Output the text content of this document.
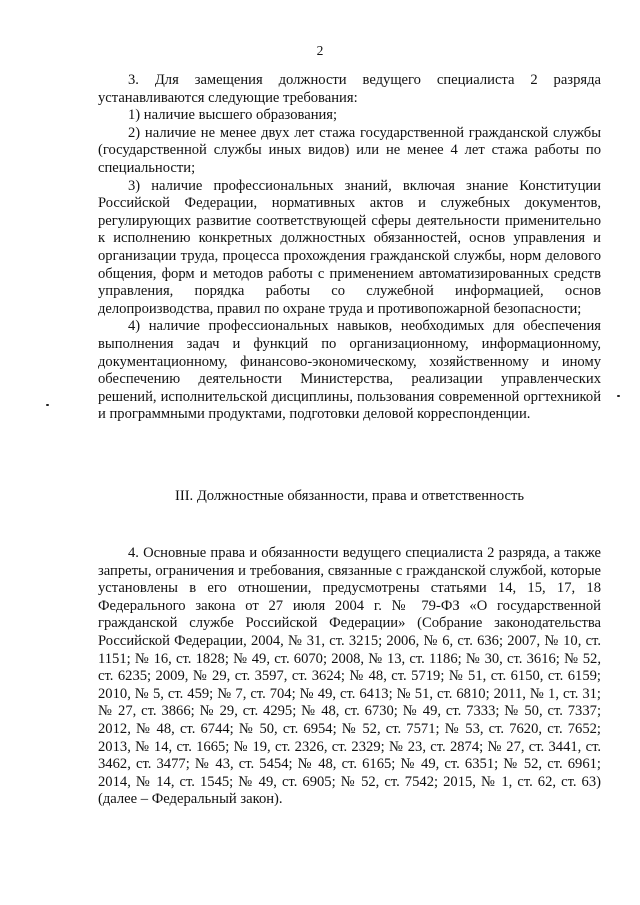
2

3. Для замещения должности ведущего специалиста 2 разряда устанавливаются следующие требования:

1) наличие высшего образования;

2) наличие не менее двух лет стажа государственной гражданской службы (государственной службы иных видов) или не менее 4 лет стажа работы по специальности;

3) наличие профессиональных знаний, включая знание Конституции Российской Федерации, нормативных актов и служебных документов, регулирующих развитие соответствующей сферы деятельности применительно к исполнению конкретных должностных обязанностей, основ управления и организации труда, процесса прохождения гражданской службы, норм делового общения, форм и методов работы с применением автоматизированных средств управления, порядка работы со служебной информацией, основ делопроизводства, правил по охране труда и противопожарной безопасности;

4) наличие профессиональных навыков, необходимых для обеспечения выполнения задач и функций по организационному, информационному, документационному, финансово-экономическому, хозяйственному и иному обеспечению деятельности Министерства, реализации управленческих решений, исполнительской дисциплины, пользования современной оргтехникой и программными продуктами, подготовки деловой корреспонденции.

III. Должностные обязанности, права и ответственность

4. Основные права и обязанности ведущего специалиста 2 разряда, а также запреты, ограничения и требования, связанные с гражданской службой, которые установлены в его отношении, предусмотрены статьями 14, 15, 17, 18 Федерального закона от 27 июля 2004 г. № 79-ФЗ «О государственной гражданской службе Российской Федерации» (Собрание законодательства Российской Федерации, 2004, № 31, ст. 3215; 2006, № 6, ст. 636; 2007, № 10, ст. 1151; № 16, ст. 1828; № 49, ст. 6070; 2008, № 13, ст. 1186; № 30, ст. 3616; № 52, ст. 6235; 2009, № 29, ст. 3597, ст. 3624; № 48, ст. 5719; № 51, ст. 6150, ст. 6159; 2010, № 5, ст. 459; № 7, ст. 704; № 49, ст. 6413; № 51, ст. 6810; 2011, № 1, ст. 31; № 27, ст. 3866; № 29, ст. 4295; № 48, ст. 6730; № 49, ст. 7333; № 50, ст. 7337; 2012, № 48, ст. 6744; № 50, ст. 6954; № 52, ст. 7571; № 53, ст. 7620, ст. 7652; 2013, № 14, ст. 1665; № 19, ст. 2326, ст. 2329; № 23, ст. 2874; № 27, ст. 3441, ст. 3462, ст. 3477; № 43, ст. 5454; № 48, ст. 6165; № 49, ст. 6351; № 52, ст. 6961; 2014, № 14, ст. 1545; № 49, ст. 6905; № 52, ст. 7542; 2015, № 1, ст. 62, ст. 63) (далее – Федеральный закон).
